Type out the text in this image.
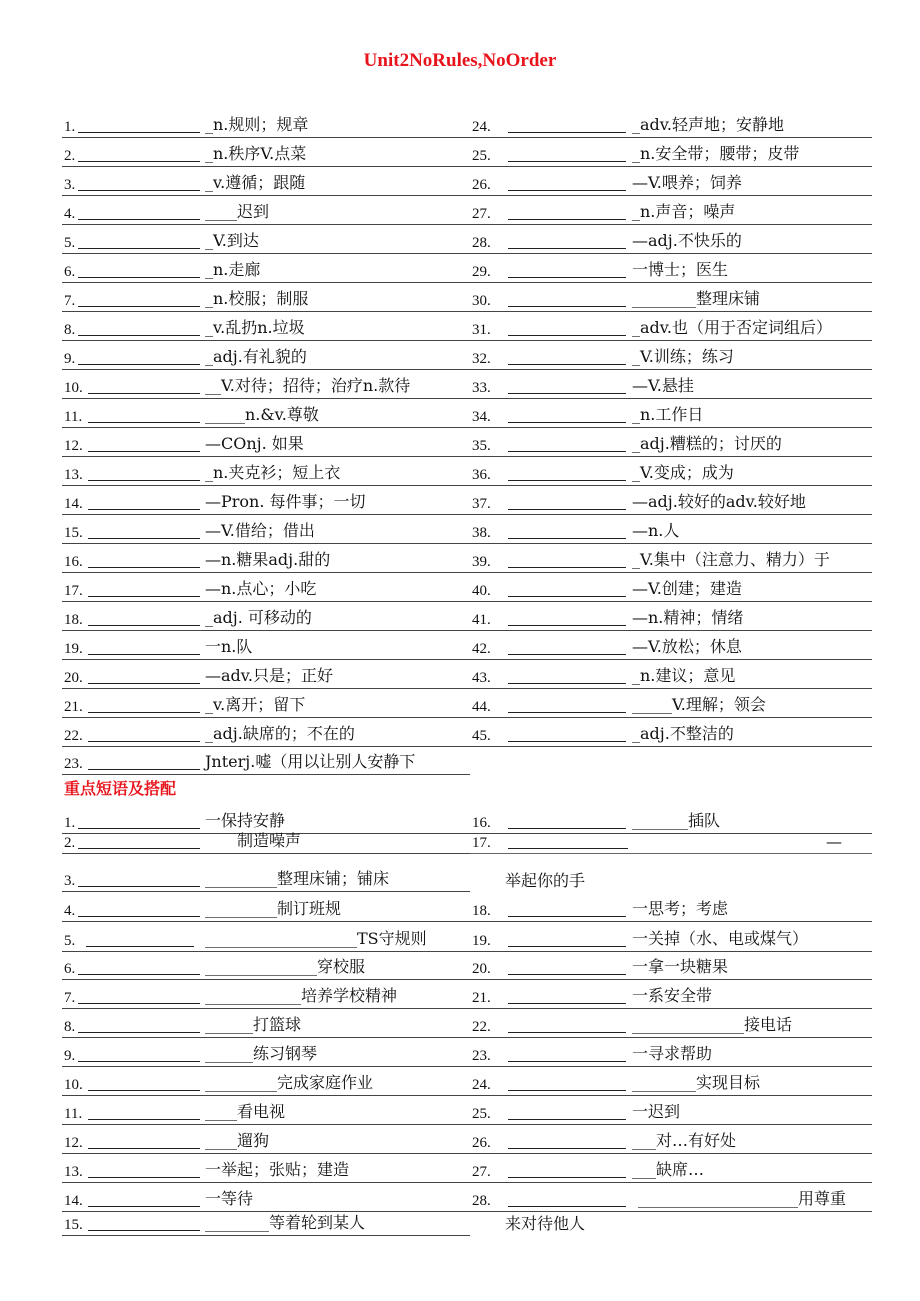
Unit2NoRules,NoOrder
1.	_n.规则；规章
2.	_n.秩序V.点菜
3.	_v.遵循；跟随
4.	____迟到
5.	_V.到达
6.	_n.走廊
7.	_n.校服；制服
8.	_v.乱扔n.垃圾
9.	_adj.有礼貌的
10.	__V.对待；招待；治疗n.款待
11.	_____n.&v.尊敬
12.	—COnj. 如果
13.	_n.夹克衫；短上衣
14.	—Pron. 每件事；一切
15.	—V.借给；借出
16.	—n.糖果adj.甜的
17.	—n.点心；小吃
18.	_adj. 可移动的
19.	一n.队
20.	—adv.只是；正好
21.	_v.离开；留下
22.	_adj.缺席的；不在的
23.	Jnterj.嘘（用以让别人安静下
24.	_adv.轻声地；安静地
25.	_n.安全带；腰带；皮带
26.	—V.喂养；饲养
27.	_n.声音；噪声
28.	—adj.不快乐的
29.	一博士；医生
30.	________整理床铺
31.	_adv.也（用于否定词组后）
32.	_V.训练；练习
33.	—V.悬挂
34.	_n.工作日
35.	_adj.糟糕的；讨厌的
36.	_V.变成；成为
37.	—adj.较好的adv.较好地
38.	—n.人
39.	_V.集中（注意力、精力）于
40.	—V.创建；建造
41.	—n.精神；情绪
42.	—V.放松；休息
43.	_n.建议；意见
44.	_____V.理解；领会
45.	_adj.不整洁的
重点短语及搭配
1.	一保持安静
2.	制造噪声
3.	_________整理床铺；铺床
4.	_________制订班规
5.	___________________TS守规则
6.	______________穿校服
7.	____________培养学校精神
8.	______打篮球
9.	______练习钢琴
10.	_________完成家庭作业
11.	____看电视
12.	____遛狗
13.	一举起；张贴；建造
14.	一等待
15.	________等着轮到某人
16.	_______插队
17.	—
18.	一思考；考虑
19.	一关掉（水、电或煤气）
20.	一拿一块糖果
21.	一系安全带
22.	______________接电话
23.	一寻求帮助
24.	________实现目标
25.	一迟到
26.	___对…有好处
27.	___缺席…
28.	____________________用尊重
举起你的手
来对待他人
